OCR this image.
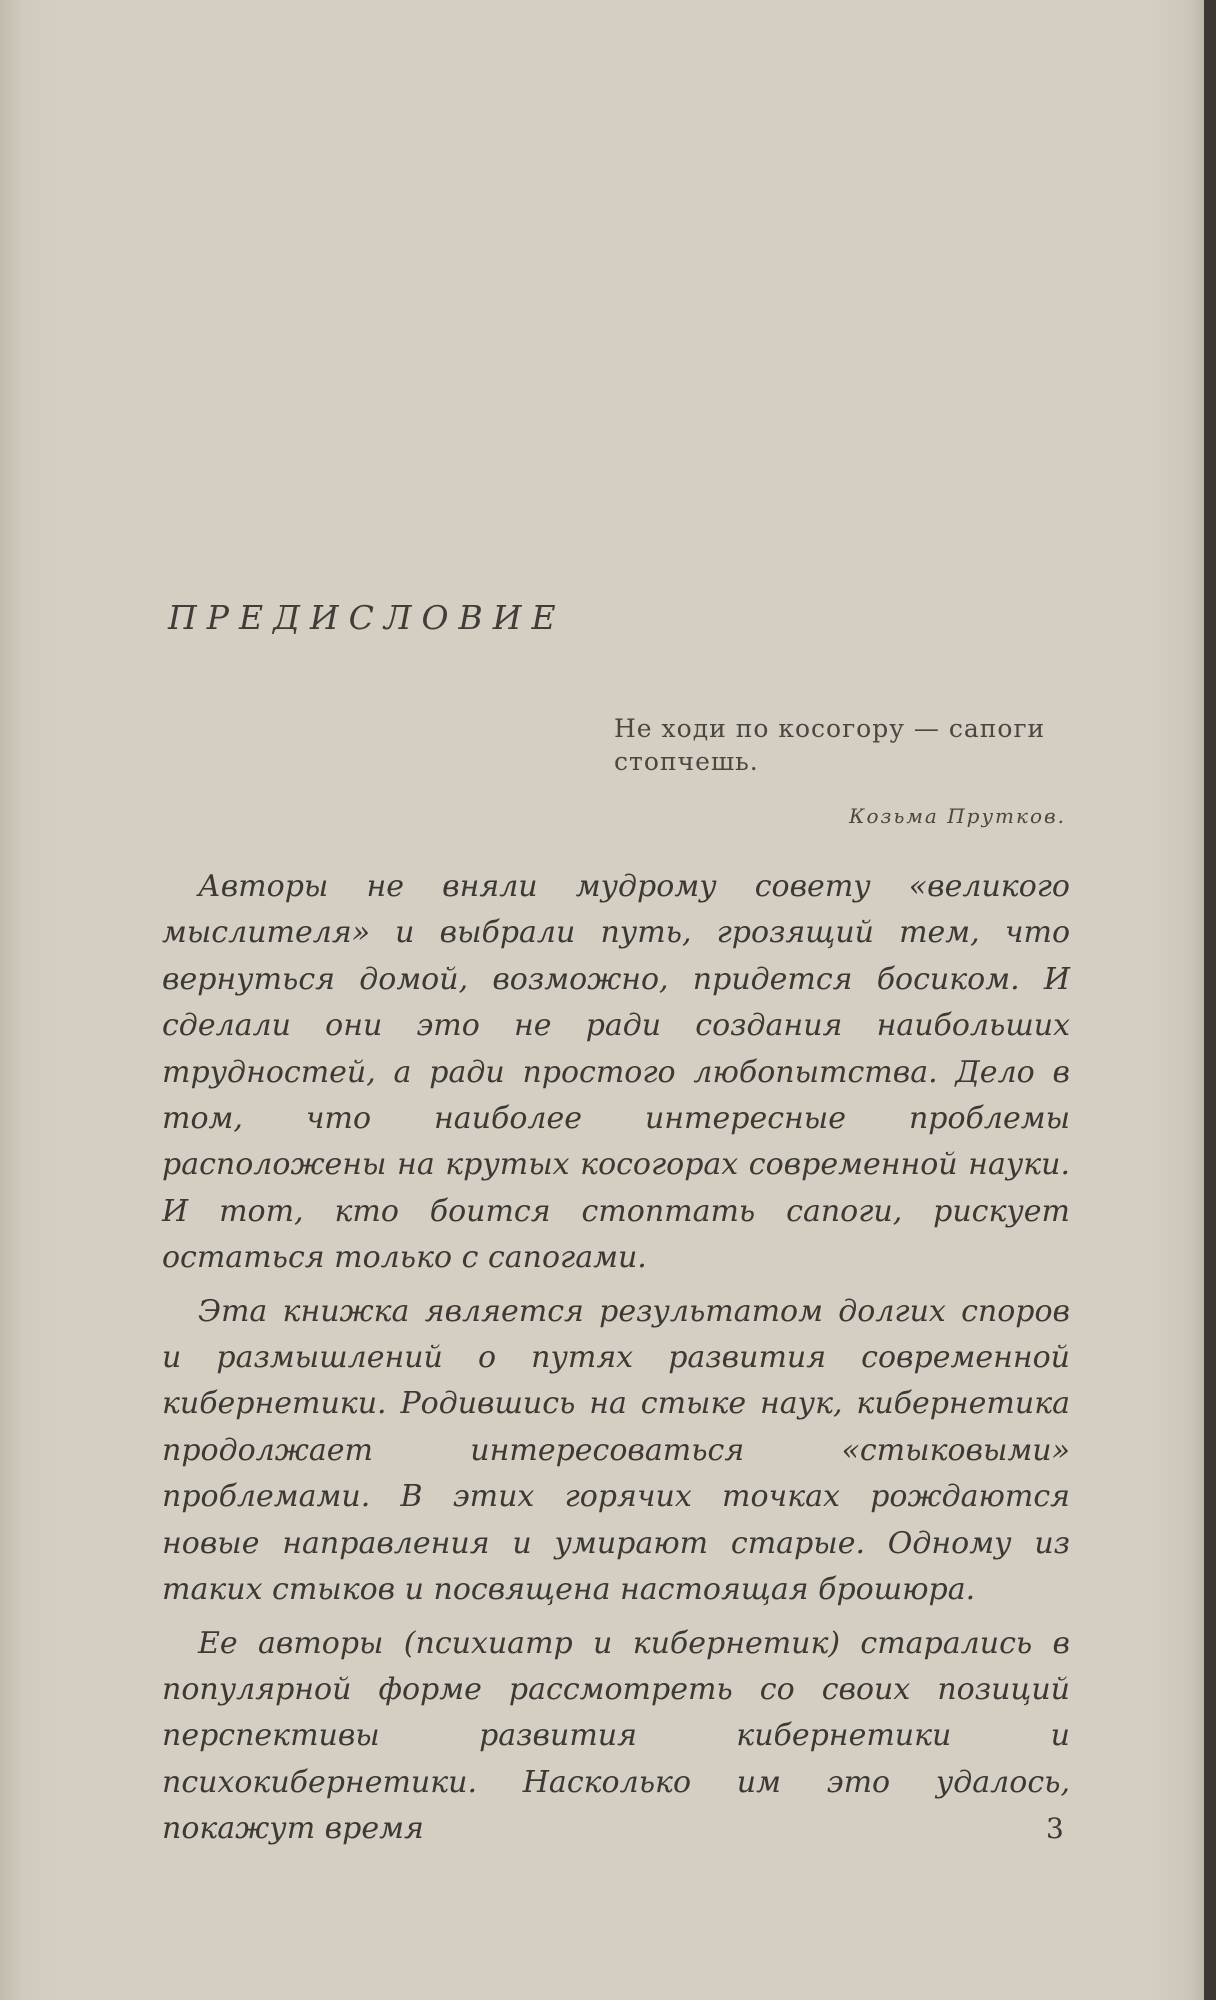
ПРЕДИСЛОВИЕ
Не ходи по косогору — сапоги стопчешь.
Козьма Прутков.

Авторы не вняли мудрому совету «великого мыслителя» и выбрали путь, грозящий тем, что вернуться домой, возможно, придется босиком. И сделали они это не ради создания наибольших трудностей, а ради простого любопытства. Дело в том, что наиболее интересные проблемы расположены на крутых косогорах современной науки. И тот, кто боится стоптать сапоги, рискует остаться только с сапогами.

Эта книжка является результатом долгих споров и размышлений о путях развития современной кибернетики. Родившись на стыке наук, кибернетика продолжает интересоваться «стыковыми» проблемами. В этих горячих точках рождаются новые направления и умирают старые. Одному из таких стыков и посвящена настоящая брошюра.

Ее авторы (психиатр и кибернетик) старались в популярной форме рассмотреть со своих позиций перспективы развития кибернетики и психокибернетики. Насколько им это удалось, покажут время	3
